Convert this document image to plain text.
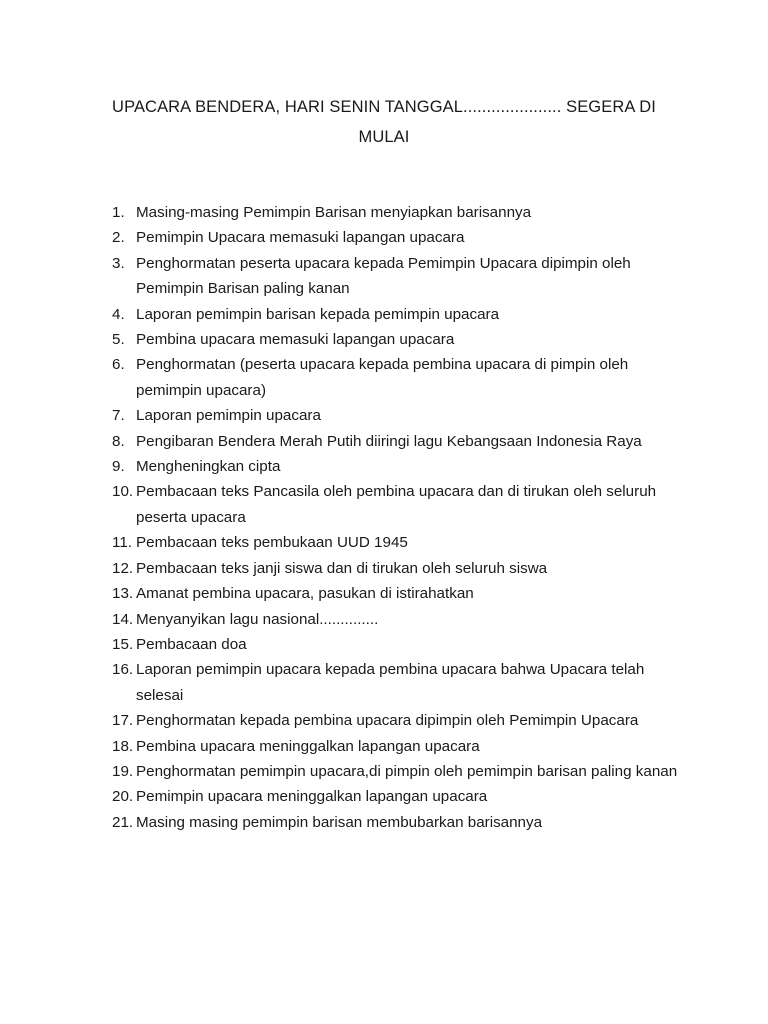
UPACARA BENDERA, HARI SENIN TANGGAL..................... SEGERA DI MULAI
1. Masing-masing Pemimpin Barisan menyiapkan barisannya
2. Pemimpin Upacara memasuki lapangan upacara
3. Penghormatan peserta upacara kepada Pemimpin Upacara dipimpin oleh Pemimpin Barisan paling kanan
4. Laporan pemimpin barisan kepada pemimpin upacara
5. Pembina upacara memasuki lapangan upacara
6. Penghormatan (peserta upacara kepada pembina upacara di pimpin oleh pemimpin upacara)
7. Laporan pemimpin upacara
8. Pengibaran Bendera Merah Putih diiringi lagu Kebangsaan Indonesia Raya
9. Mengheningkan cipta
10. Pembacaan teks Pancasila oleh pembina upacara dan di tirukan oleh seluruh peserta upacara
11. Pembacaan teks pembukaan UUD 1945
12. Pembacaan teks janji siswa dan di tirukan oleh seluruh siswa
13. Amanat pembina upacara, pasukan di istirahatkan
14. Menyanyikan lagu nasional..............
15. Pembacaan doa
16. Laporan pemimpin upacara kepada pembina upacara bahwa Upacara telah selesai
17. Penghormatan kepada pembina upacara dipimpin oleh Pemimpin Upacara
18. Pembina upacara meninggalkan lapangan upacara
19. Penghormatan pemimpin upacara,di pimpin oleh pemimpin barisan paling kanan
20. Pemimpin upacara meninggalkan lapangan upacara
21. Masing masing pemimpin barisan membubarkan barisannya
